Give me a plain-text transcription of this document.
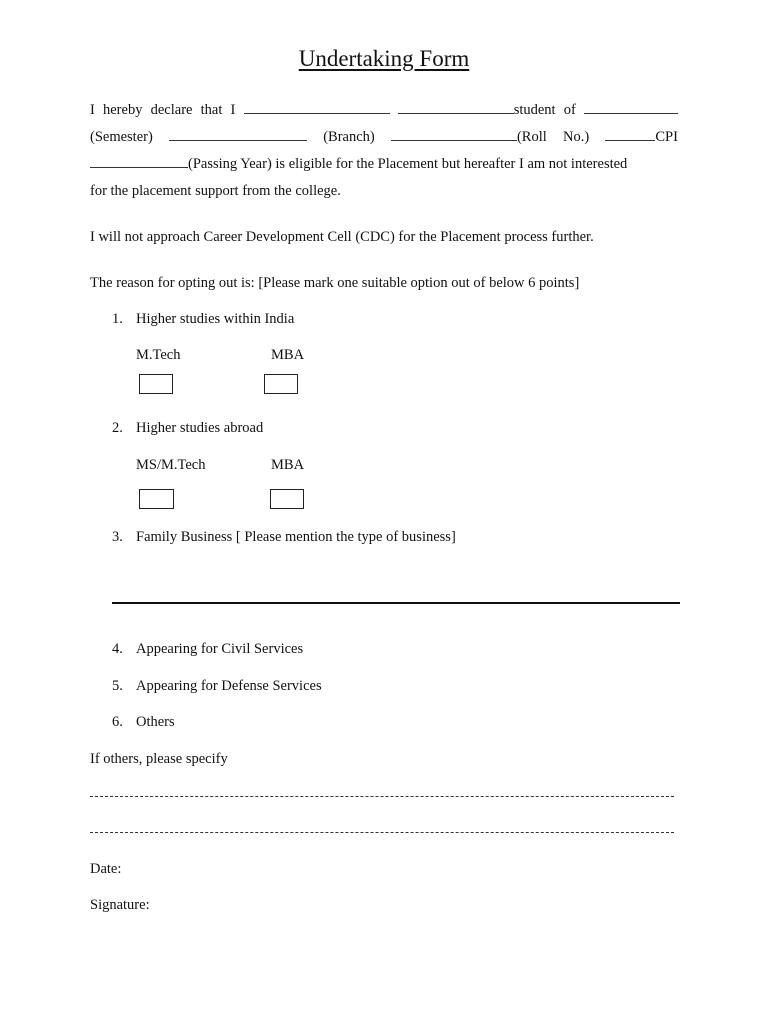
Undertaking Form
I hereby declare that I	student of
(Semester)	(Branch)	(Roll No.)	CPI
(Passing Year) is eligible for the Placement but hereafter I am not interested
for the placement support from the college.
I will not approach Career Development Cell (CDC) for the Placement process further.
The reason for opting out is: [Please mark one suitable option out of below 6 points]
1. Higher studies within India
M.Tech	MBA
2. Higher studies abroad
MS/M.Tech	MBA
3. Family Business [ Please mention the type of business]
4. Appearing for Civil Services
5. Appearing for Defense Services
6. Others
If others, please specify
Date:
Signature:
